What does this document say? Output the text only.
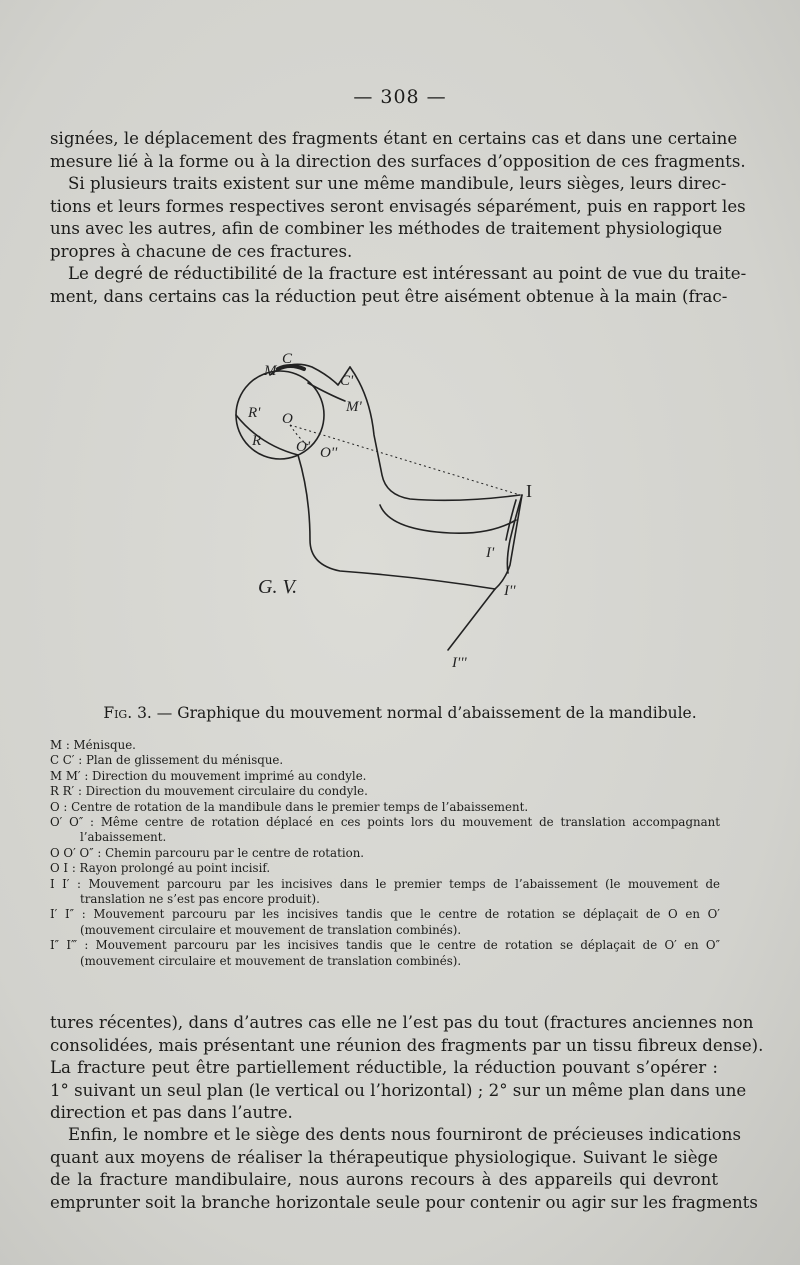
— 308 —

signées, le déplacement des fragments étant en certains cas et dans une certaine
mesure lié à la forme ou à la direction des surfaces d’opposition de ces fragments.

Si plusieurs traits existent sur une même mandibule, leurs sièges, leurs direc-
tions et leurs formes respectives seront envisagés séparément, puis en rapport les
uns avec les autres, afin de combiner les méthodes de traitement physiologique
propres à chacune de ces fractures.

Le degré de réductibilité de la fracture est intéressant au point de vue du traite-
ment, dans certains cas la réduction peut être aisément obtenue à la main (frac-

C
M
C'
M'
R'
R
O
O' O''
I
I'
I''
I'''
G. V.
Fig. 3. — Graphique du mouvement normal d’abaissement de la mandibule.
M : Ménisque.
C C′ : Plan de glissement du ménisque.
M M′ : Direction du mouvement imprimé au condyle.
R R′ : Direction du mouvement circulaire du condyle.
O : Centre de rotation de la mandibule dans le premier temps de l’abaissement.
O′ O″ : Même centre de rotation déplacé en ces points lors du mouvement de translation accompagnant l’abaissement.
O O′ O″ : Chemin parcouru par le centre de rotation.
O I : Rayon prolongé au point incisif.
I I′ : Mouvement parcouru par les incisives dans le premier temps de l’abaissement (le mouvement de translation ne s’est pas encore produit).
I′ I″ : Mouvement parcouru par les incisives tandis que le centre de rotation se déplaçait de O en O′ (mouvement circulaire et mouvement de translation combinés).
I″ I‴ : Mouvement parcouru par les incisives tandis que le centre de rotation se déplaçait de O′ en O″ (mouvement circulaire et mouvement de translation combinés).

tures récentes), dans d’autres cas elle ne l’est pas du tout (fractures anciennes non
consolidées, mais présentant une réunion des fragments par un tissu fibreux dense).
La fracture peut être partiellement réductible, la réduction pouvant s’opérer :
1° suivant un seul plan (le vertical ou l’horizontal) ; 2° sur un même plan dans une
direction et pas dans l’autre.

Enfin, le nombre et le siège des dents nous fourniront de précieuses indications
quant aux moyens de réaliser la thérapeutique physiologique. Suivant le siège
de la fracture mandibulaire, nous aurons recours à des appareils qui devront
emprunter soit la branche horizontale seule pour contenir ou agir sur les fragments
